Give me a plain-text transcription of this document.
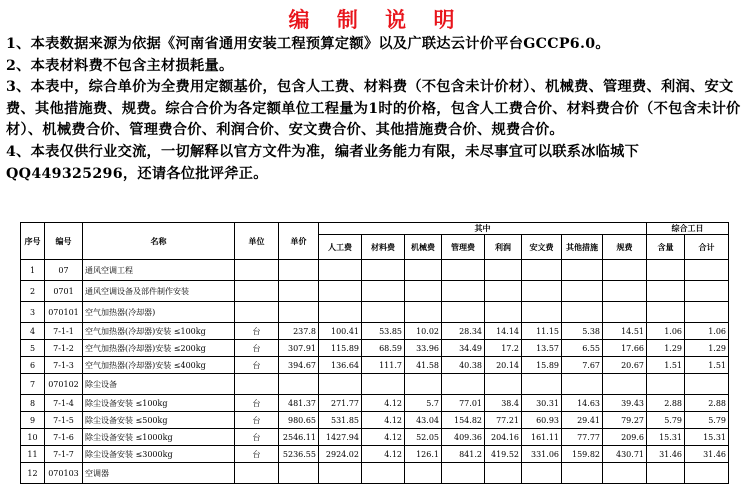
编 制 说 明

1、本表数据来源为依据《河南省通用安装工程预算定额》以及广联达云计价平台GCCP6.0。

2、本表材料费不包含主材损耗量。

3、本表中，综合单价为全费用定额基价，包含人工费、材料费（不包含未计价材）、机械费、管理费、利润、安文费、其他措施费、规费。综合合价为各定额单位工程量为1时的价格，包含人工费合价、材料费合价（不包含未计价材）、机械费合价、管理费合价、利润合价、安文费合价、其他措施费合价、规费合价。

4、本表仅供行业交流，一切解释以官方文件为准，编者业务能力有限，未尽事宜可以联系冰临城下QQ449325296，还请各位批评斧正。

序号	编号	名称	单位	单价	其中								综合工日	
					人工费	材料费	机械费	管理费	利润	安文费	其他措施	规费	含量	合计
1	07	通风空调工程												
2	0701	通风空调设备及部件制作安装												
3	070101	空气加热器(冷却器)												
4	7-1-1	空气加热器(冷却器)安装 ≤100kg	台	237.8	100.41	53.85	10.02	28.34	14.14	11.15	5.38	14.51	1.06	1.06
5	7-1-2	空气加热器(冷却器)安装 ≤200kg	台	307.91	115.89	68.59	33.96	34.49	17.2	13.57	6.55	17.66	1.29	1.29
6	7-1-3	空气加热器(冷却器)安装 ≤400kg	台	394.67	136.64	111.7	41.58	40.38	20.14	15.89	7.67	20.67	1.51	1.51
7	070102	除尘设备												
8	7-1-4	除尘设备安装 ≤100kg	台	481.37	271.77	4.12	5.7	77.01	38.4	30.31	14.63	39.43	2.88	2.88
9	7-1-5	除尘设备安装 ≤500kg	台	980.65	531.85	4.12	43.04	154.82	77.21	60.93	29.41	79.27	5.79	5.79
10	7-1-6	除尘设备安装 ≤1000kg	台	2546.11	1427.94	4.12	52.05	409.36	204.16	161.11	77.77	209.6	15.31	15.31
11	7-1-7	除尘设备安装 ≤3000kg	台	5236.55	2924.02	4.12	126.1	841.2	419.52	331.06	159.82	430.71	31.46	31.46
12	070103	空调器												
